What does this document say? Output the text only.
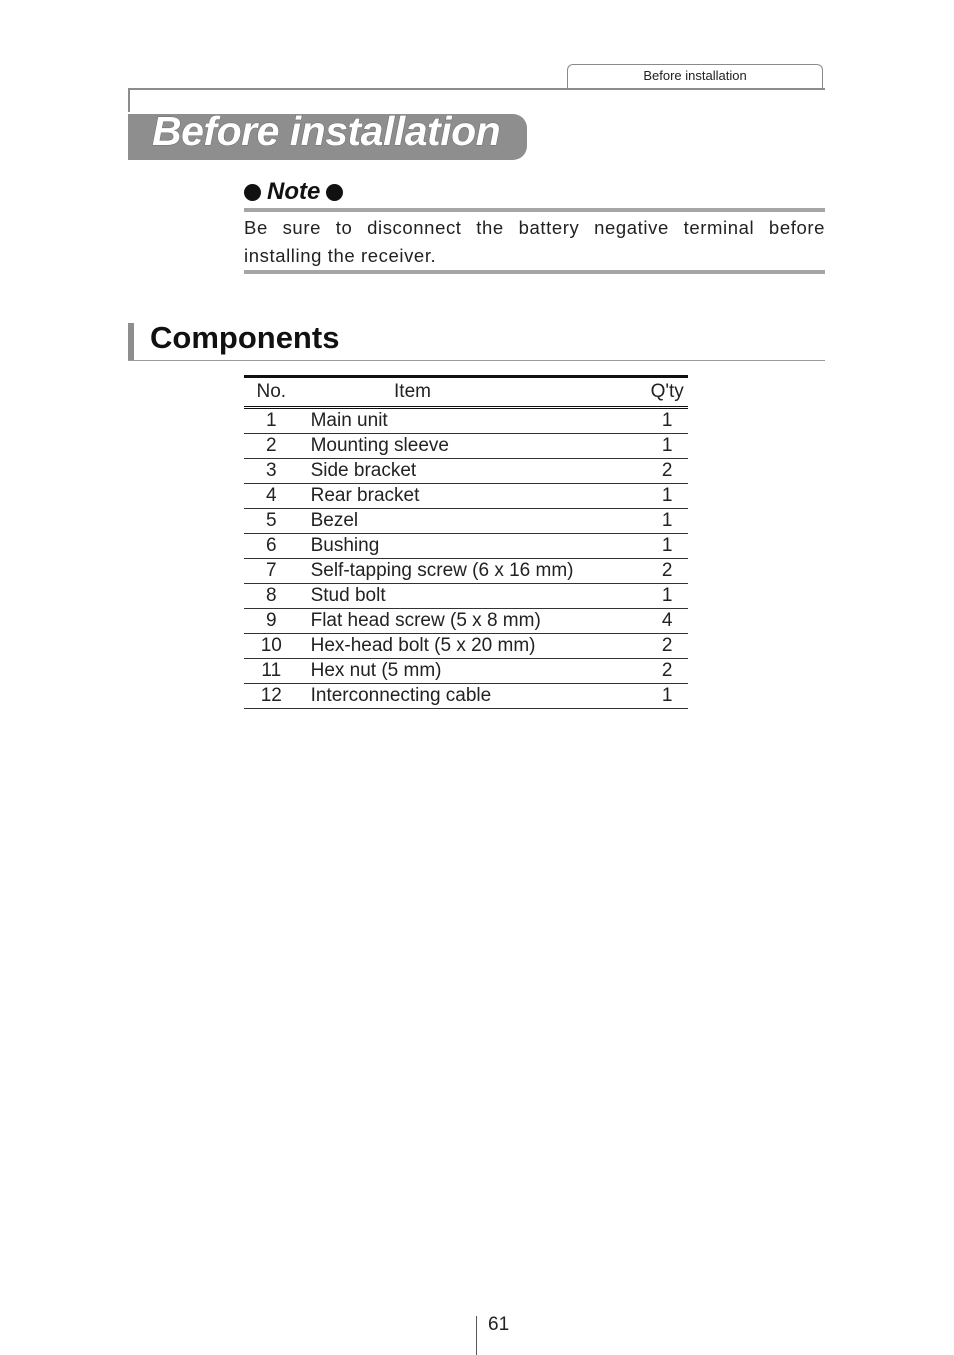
Before installation
Before installation
Note
Be sure to disconnect the battery negative terminal before installing the receiver.
Components
No.	Item	Q'ty
1	Main unit	1
2	Mounting sleeve	1
3	Side bracket	2
4	Rear bracket	1
5	Bezel	1
6	Bushing	1
7	Self-tapping screw (6 x 16 mm)	2
8	Stud bolt	1
9	Flat head screw (5 x 8 mm)	4
10	Hex-head bolt (5 x 20 mm)	2
11	Hex nut (5 mm)	2
12	Interconnecting cable	1
61
